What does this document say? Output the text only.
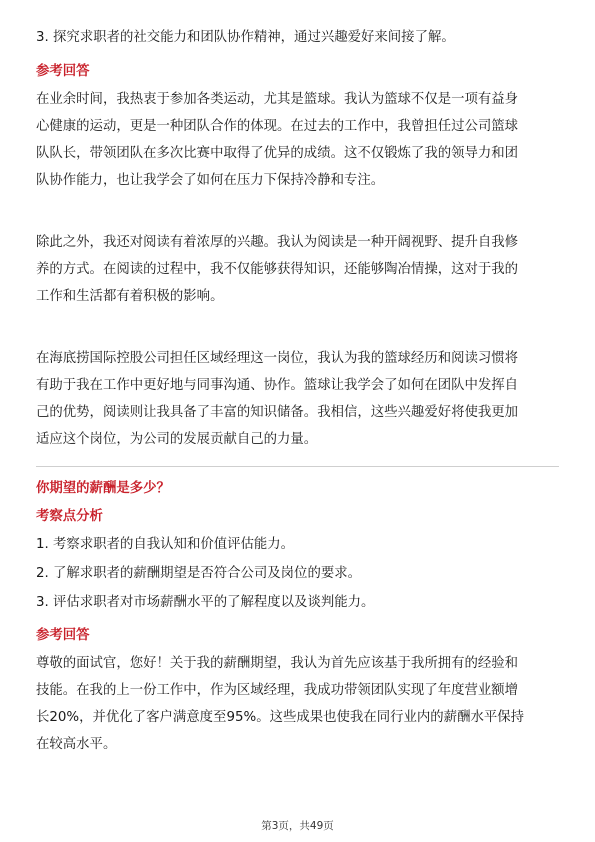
3. 探究求职者的社交能力和团队协作精神，通过兴趣爱好来间接了解。
参考回答
在业余时间，我热衷于参加各类运动，尤其是篮球。我认为篮球不仅是一项有益身
心健康的运动，更是一种团队合作的体现。在过去的工作中，我曾担任过公司篮球
队队长，带领团队在多次比赛中取得了优异的成绩。这不仅锻炼了我的领导力和团
队协作能力，也让我学会了如何在压力下保持冷静和专注。
除此之外，我还对阅读有着浓厚的兴趣。我认为阅读是一种开阔视野、提升自我修
养的方式。在阅读的过程中，我不仅能够获得知识，还能够陶冶情操，这对于我的
工作和生活都有着积极的影响。
在海底捞国际控股公司担任区域经理这一岗位，我认为我的篮球经历和阅读习惯将
有助于我在工作中更好地与同事沟通、协作。篮球让我学会了如何在团队中发挥自
己的优势，阅读则让我具备了丰富的知识储备。我相信，这些兴趣爱好将使我更加
适应这个岗位，为公司的发展贡献自己的力量。
你期望的薪酬是多少？
考察点分析
1. 考察求职者的自我认知和价值评估能力。
2. 了解求职者的薪酬期望是否符合公司及岗位的要求。
3. 评估求职者对市场薪酬水平的了解程度以及谈判能力。
参考回答
尊敬的面试官，您好！关于我的薪酬期望，我认为首先应该基于我所拥有的经验和
技能。在我的上一份工作中，作为区域经理，我成功带领团队实现了年度营业额增
长20%，并优化了客户满意度至95%。这些成果也使我在同行业内的薪酬水平保持
在较高水平。
第3页，共49页
